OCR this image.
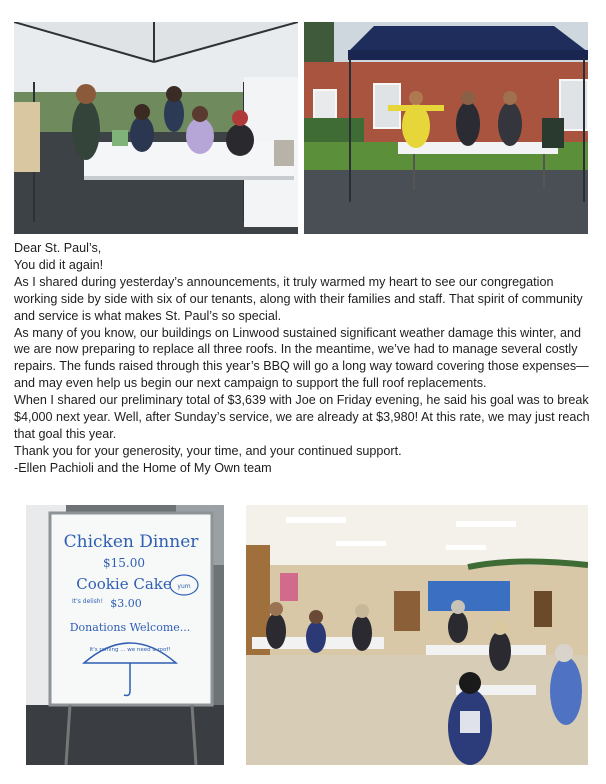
Dear St. Paul’s,

You did it again!

As I shared during yesterday’s announcements, it truly warmed my heart to see our congregation working side by side with six of our tenants, along with their families and staff. That spirit of community and service is what makes St. Paul’s so special.

As many of you know, our buildings on Linwood sustained significant weather damage this winter, and we are now preparing to replace all three roofs. In the meantime, we’ve had to manage several costly repairs. The funds raised through this year’s BBQ will go a long way toward covering those expenses—and may even help us begin our next campaign to support the full roof replacements.

When I shared our preliminary total of $3,639 with Joe on Friday evening, he said his goal was to break $4,000 next year. Well, after Sunday’s service, we are already at $3,980! At this rate, we may just reach that goal this year.

Thank you for your generosity, your time, and your continued support.

-Ellen Pachioli and the Home of My Own team

Chicken Dinner
$15.00
Cookie Cake
It's delish! $3.00
yum
Donations Welcome...
It's raining ... we need a roof!
